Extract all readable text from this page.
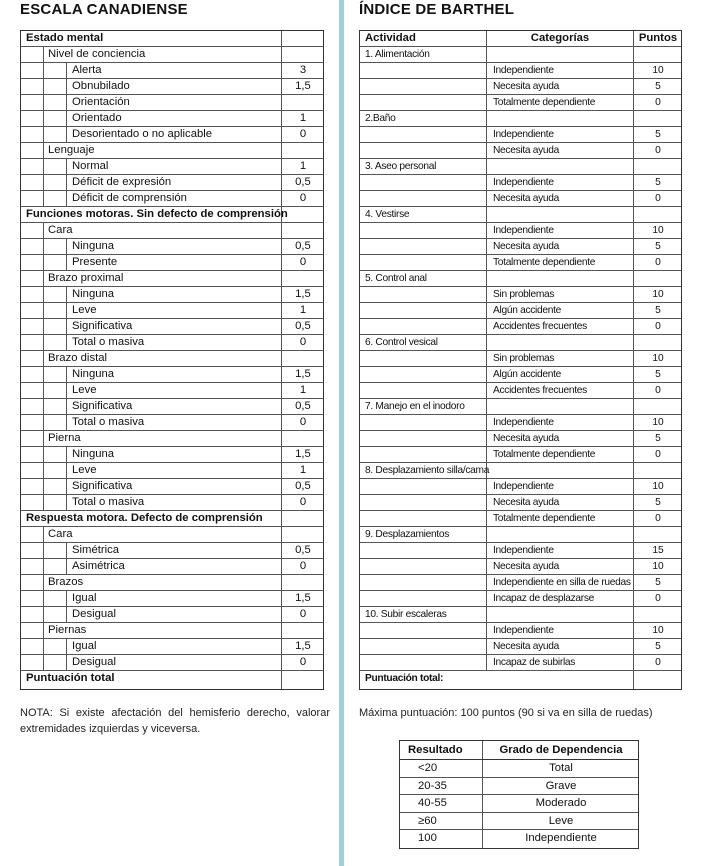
ESCALA CANADIENSE	ÍNDICE DE BARTHEL
Estado mental
Nivel de conciencia
Alerta	3
Obnubilado	1,5
Orientación
Orientado	1
Desorientado o no aplicable	0
Lenguaje
Normal	1
Déficit de expresión	0,5
Déficit de comprensión	0
Funciones motoras. Sin defecto de comprensión
Cara
Ninguna	0,5
Presente	0
Brazo proximal
Ninguna	1,5
Leve	1
Significativa	0,5
Total o masiva	0
Brazo distal
Ninguna	1,5
Leve	1
Significativa	0,5
Total o masiva	0
Pierna
Ninguna	1,5
Leve	1
Significativa	0,5
Total o masiva	0
Respuesta motora. Defecto de comprensión
Cara
Simétrica	0,5
Asimétrica	0
Brazos
Igual	1,5
Desigual	0
Piernas
Igual	1,5
Desigual	0
Puntuación total
Actividad	Categorías	Puntos
1. Alimentación
Independiente	10
Necesita ayuda	5
Totalmente dependiente	0
2.Baño
Independiente	5
Necesita ayuda	0
3. Aseo personal
Independiente	5
Necesita ayuda	0
4. Vestirse
Independiente	10
Necesita ayuda	5
Totalmente dependiente	0
5. Control anal
Sin problemas	10
Algún accidente	5
Accidentes frecuentes	0
6. Control vesical
Sin problemas	10
Algún accidente	5
Accidentes frecuentes	0
7. Manejo en el inodoro
Independiente	10
Necesita ayuda	5
Totalmente dependiente	0
8. Desplazamiento silla/cama
Independiente	10
Necesita ayuda	5
Totalmente dependiente	0
9. Desplazamientos
Independiente	15
Necesita ayuda	10
Independiente en silla de ruedas	5
Incapaz de desplazarse	0
10. Subir escaleras
Independiente	10
Necesita ayuda	5
Incapaz de subirlas	0
Puntuación total:
NOTA: Si existe afectación del hemisferio derecho, valorar extremidades izquierdas y viceversa.
Máxima puntuación: 100 puntos (90 si va en silla de ruedas)
Resultado	Grado de Dependencia
<20	Total
20-35	Grave
40-55	Moderado
≥60	Leve
100	Independiente
